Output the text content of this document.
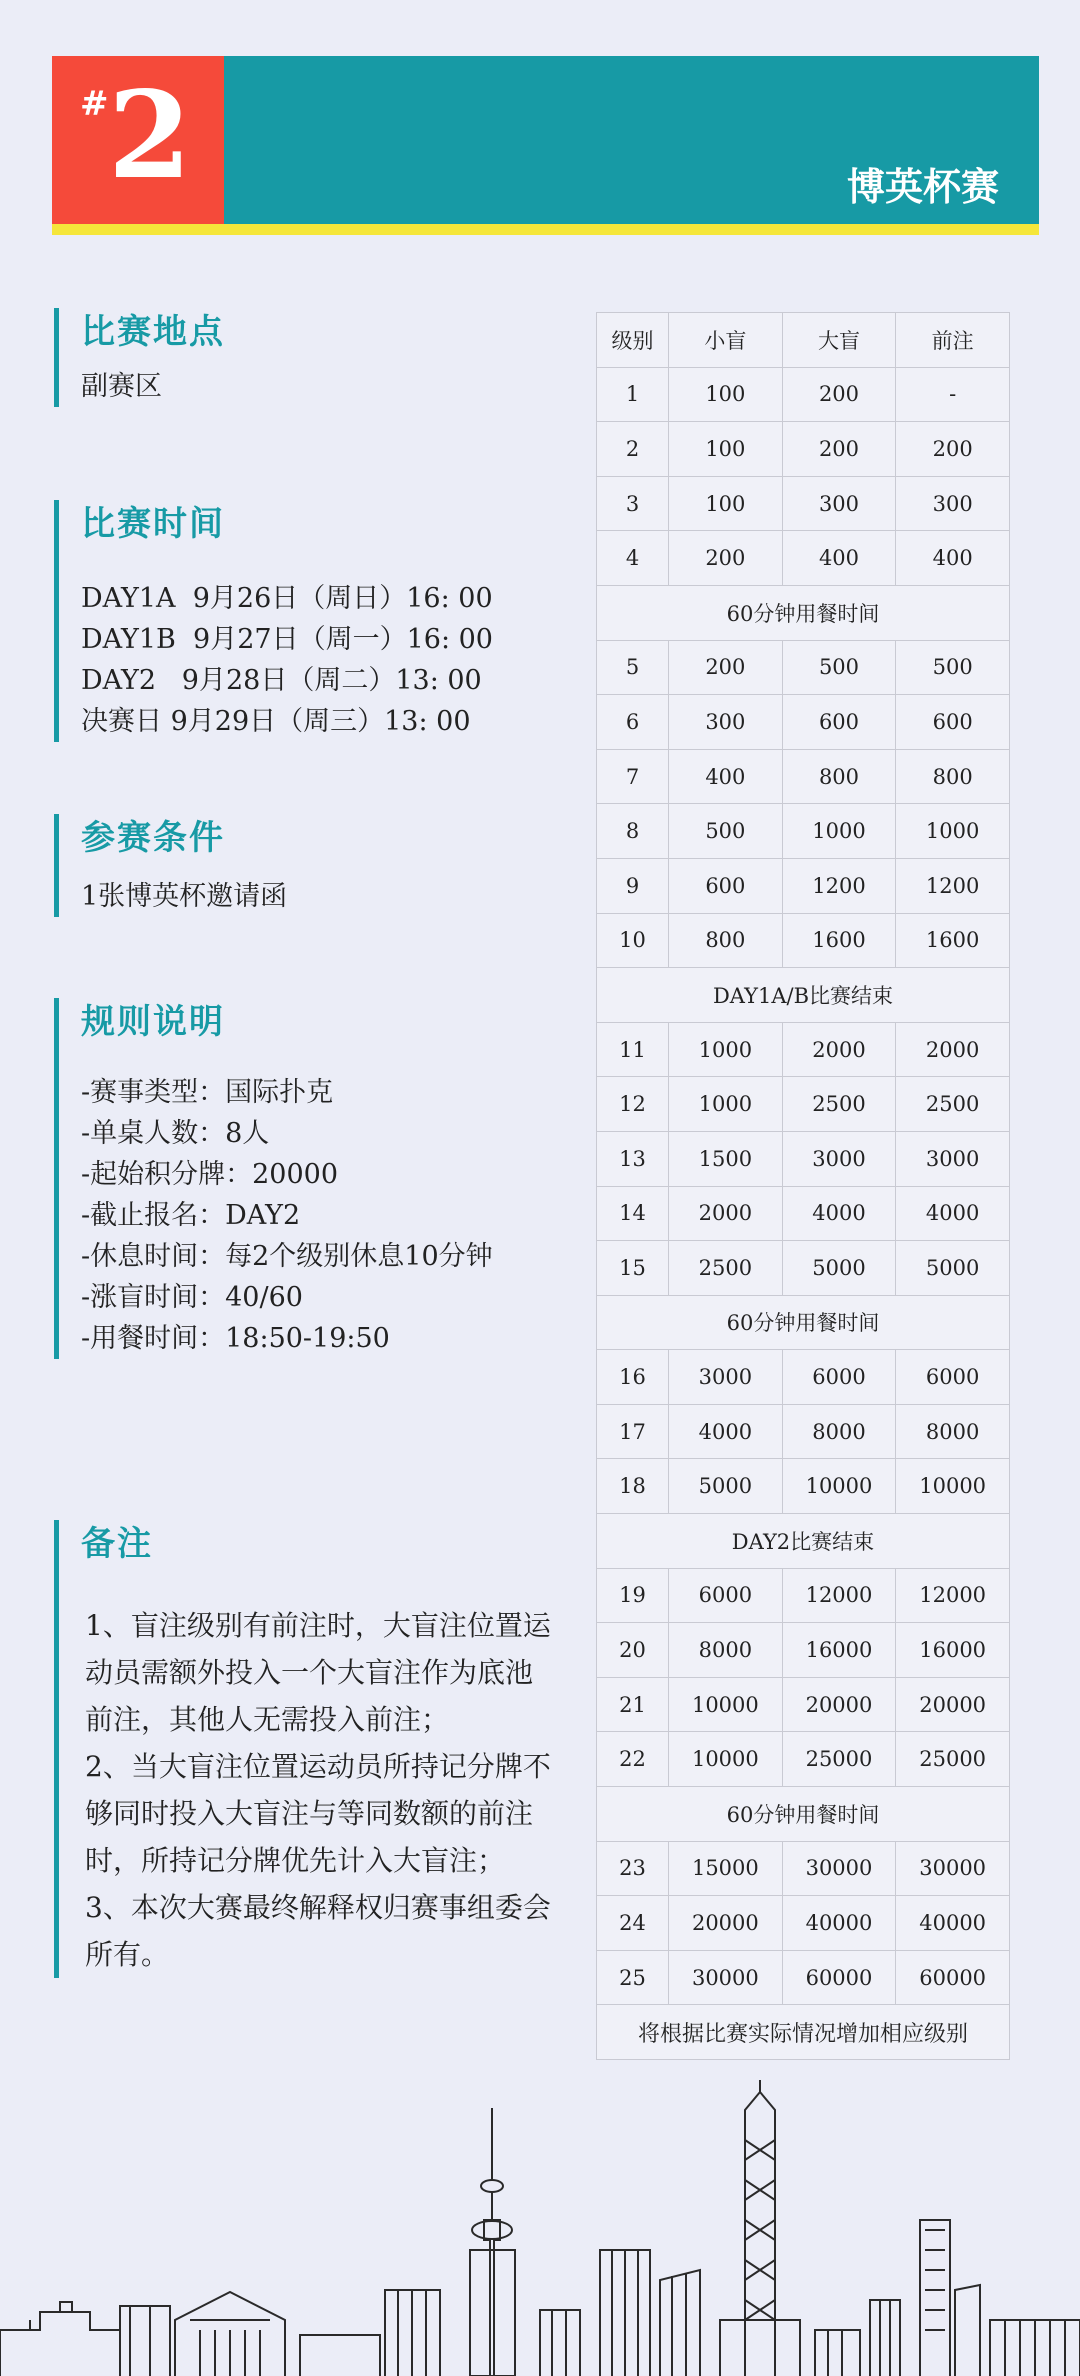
# 2	博英杯赛
比赛地点
副赛区
比赛时间
DAY1A  9月26日（周日）16: 00
DAY1B  9月27日（周一）16: 00
DAY2   9月28日（周二）13: 00
决赛日 9月29日（周三）13: 00
参赛条件
1张博英杯邀请函
规则说明
-赛事类型：国际扑克
-单桌人数：8人
-起始积分牌：20000
-截止报名：DAY2
-休息时间：每2个级别休息10分钟
-涨盲时间：40/60
-用餐时间：18:50-19:50
备注
1、盲注级别有前注时，大盲注位置运动员需额外投入一个大盲注作为底池前注，其他人无需投入前注；
2、当大盲注位置运动员所持记分牌不够同时投入大盲注与等同数额的前注时，所持记分牌优先计入大盲注；
3、本次大赛最终解释权归赛事组委会所有。
级别	小盲	大盲	前注
1	100	200	-
2	100	200	200
3	100	300	300
4	200	400	400
60分钟用餐时间			
5	200	500	500
6	300	600	600
7	400	800	800
8	500	1000	1000
9	600	1200	1200
10	800	1600	1600
DAY1A/B比赛结束			
11	1000	2000	2000
12	1000	2500	2500
13	1500	3000	3000
14	2000	4000	4000
15	2500	5000	5000
60分钟用餐时间			
16	3000	6000	6000
17	4000	8000	8000
18	5000	10000	10000
DAY2比赛结束			
19	6000	12000	12000
20	8000	16000	16000
21	10000	20000	20000
22	10000	25000	25000
60分钟用餐时间			
23	15000	30000	30000
24	20000	40000	40000
25	30000	60000	60000
将根据比赛实际情况增加相应级别			
